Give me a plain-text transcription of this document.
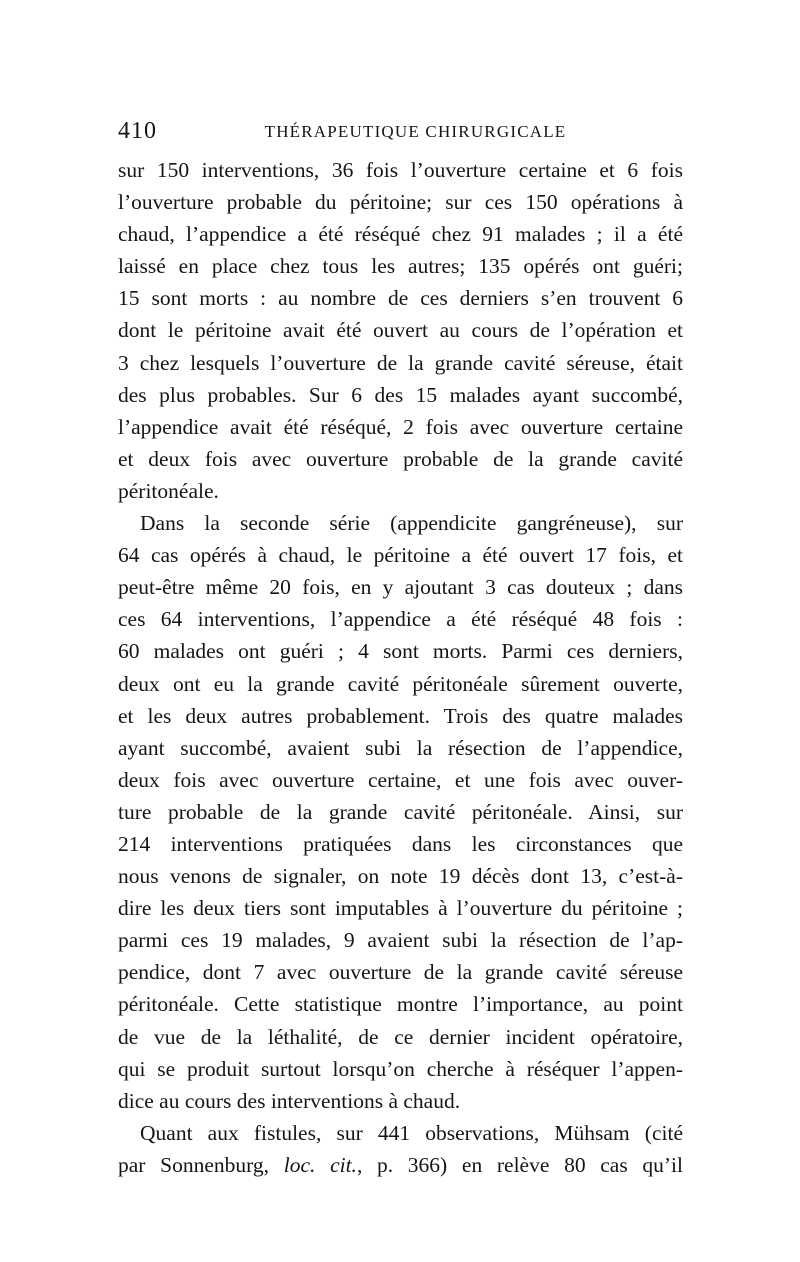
410	THÉRAPEUTIQUE CHIRURGICALE
sur 150 interventions, 36 fois l’ouverture certaine et 6 fois
l’ouverture probable du péritoine; sur ces 150 opérations à
chaud, l’appendice a été réséqué chez 91 malades ; il a été
laissé en place chez tous les autres; 135 opérés ont guéri;
15 sont morts : au nombre de ces derniers s’en trouvent 6
dont le péritoine avait été ouvert au cours de l’opération et
3 chez lesquels l’ouverture de la grande cavité séreuse, était
des plus probables. Sur 6 des 15 malades ayant succombé,
l’appendice avait été réséqué, 2 fois avec ouverture certaine
et deux fois avec ouverture probable de la grande cavité
péritonéale.
Dans la seconde série (appendicite gangréneuse), sur
64 cas opérés à chaud, le péritoine a été ouvert 17 fois, et
peut-être même 20 fois, en y ajoutant 3 cas douteux ; dans
ces 64 interventions, l’appendice a été réséqué 48 fois :
60 malades ont guéri ; 4 sont morts. Parmi ces derniers,
deux ont eu la grande cavité péritonéale sûrement ouverte,
et les deux autres probablement. Trois des quatre malades
ayant succombé, avaient subi la résection de l’appendice,
deux fois avec ouverture certaine, et une fois avec ouver-
ture probable de la grande cavité péritonéale. Ainsi, sur
214 interventions pratiquées dans les circonstances que
nous venons de signaler, on note 19 décès dont 13, c’est-à-
dire les deux tiers sont imputables à l’ouverture du péritoine ;
parmi ces 19 malades, 9 avaient subi la résection de l’ap-
pendice, dont 7 avec ouverture de la grande cavité séreuse
péritonéale. Cette statistique montre l’importance, au point
de vue de la léthalité, de ce dernier incident opératoire,
qui se produit surtout lorsqu’on cherche à réséquer l’appen-
dice au cours des interventions à chaud.
Quant aux fistules, sur 441 observations, Mühsam (cité
par Sonnenburg, loc. cit., p. 366) en relève 80 cas qu’il
